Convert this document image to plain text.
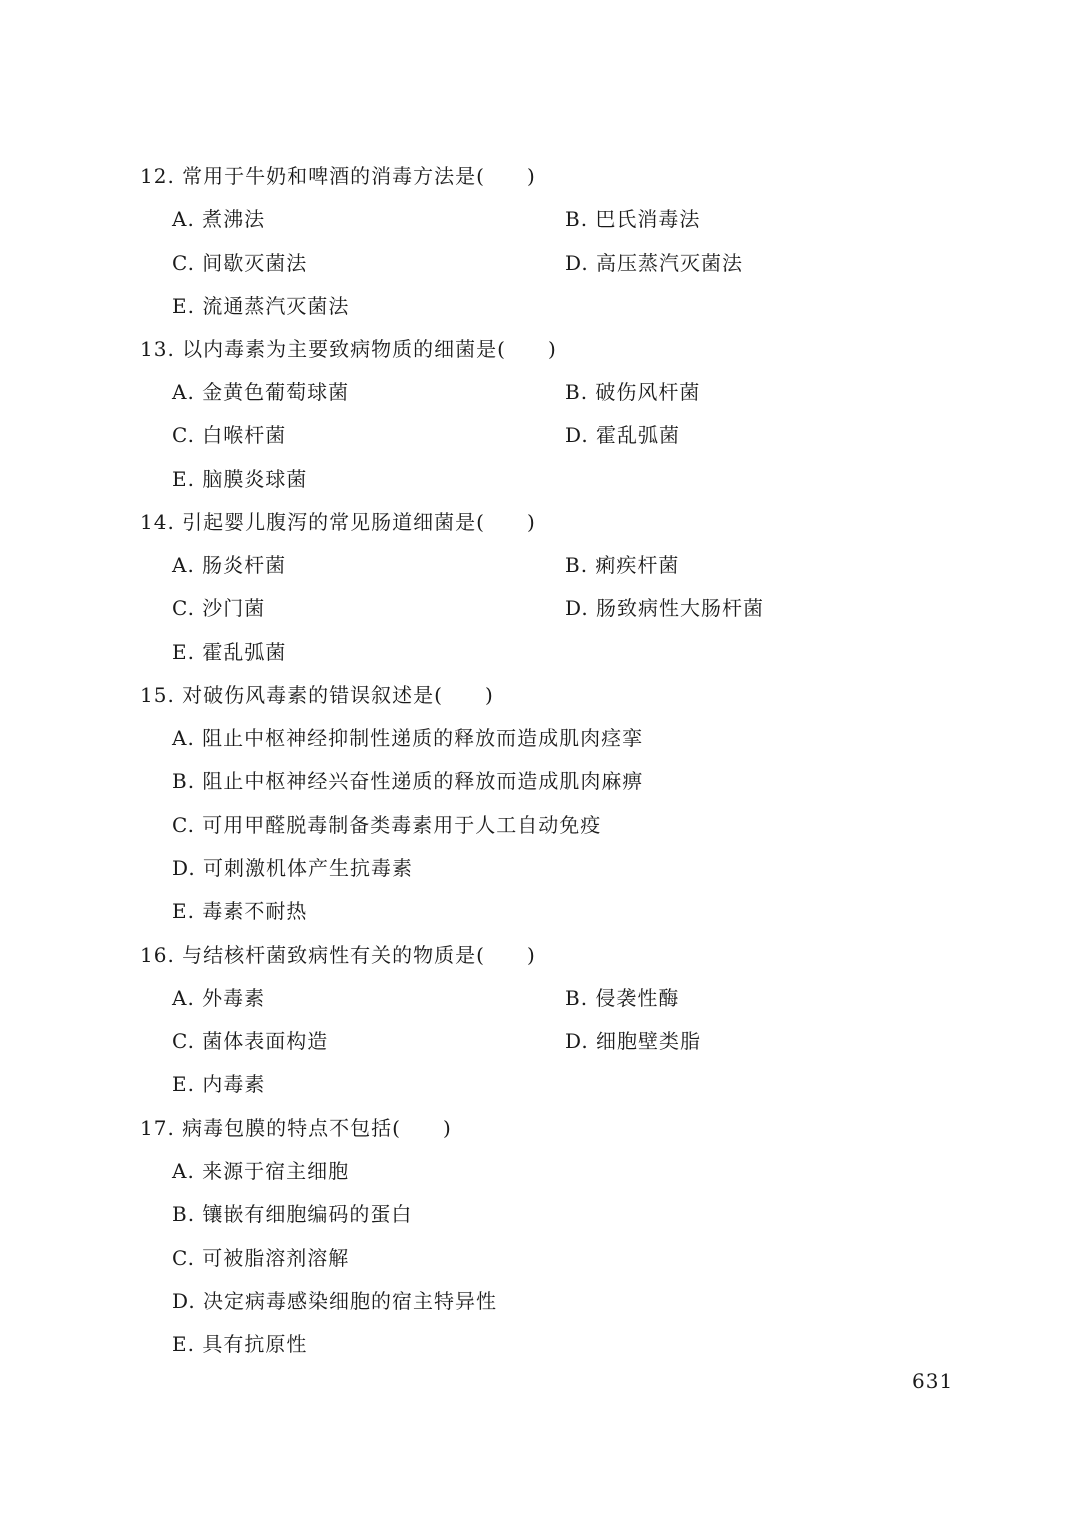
12. 常用于牛奶和啤酒的消毒方法是(　　)
A. 煮沸法	B. 巴氏消毒法
C. 间歇灭菌法	D. 高压蒸汽灭菌法
E. 流通蒸汽灭菌法
13. 以内毒素为主要致病物质的细菌是(　　)
A. 金黄色葡萄球菌	B. 破伤风杆菌
C. 白喉杆菌	D. 霍乱弧菌
E. 脑膜炎球菌
14. 引起婴儿腹泻的常见肠道细菌是(　　)
A. 肠炎杆菌	B. 痢疾杆菌
C. 沙门菌	D. 肠致病性大肠杆菌
E. 霍乱弧菌
15. 对破伤风毒素的错误叙述是(　　)
A. 阻止中枢神经抑制性递质的释放而造成肌肉痉挛
B. 阻止中枢神经兴奋性递质的释放而造成肌肉麻痹
C. 可用甲醛脱毒制备类毒素用于人工自动免疫
D. 可刺激机体产生抗毒素
E. 毒素不耐热
16. 与结核杆菌致病性有关的物质是(　　)
A. 外毒素	B. 侵袭性酶
C. 菌体表面构造	D. 细胞壁类脂
E. 内毒素
17. 病毒包膜的特点不包括(　　)
A. 来源于宿主细胞
B. 镶嵌有细胞编码的蛋白
C. 可被脂溶剂溶解
D. 决定病毒感染细胞的宿主特异性
E. 具有抗原性
631
